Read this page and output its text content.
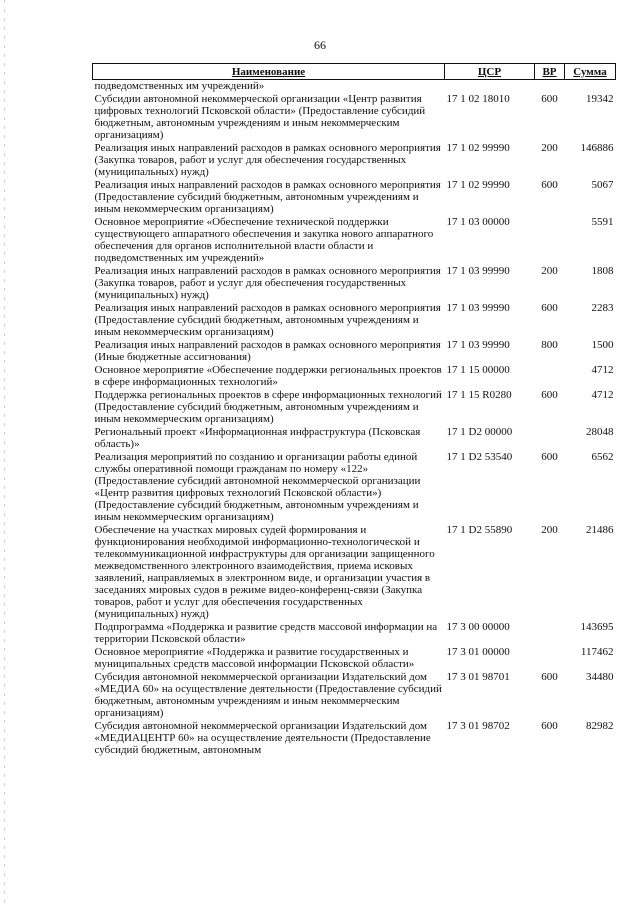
66
Наименование	ЦСР	ВР	Сумма
подведомственных им учреждений»			
Субсидии автономной некоммерческой организации «Центр развития цифровых технологий Псковской области» (Предоставление субсидий бюджетным, автономным учреждениям и иным некоммерческим организациям)	17 1 02 18010	600	19342
Реализация иных направлений расходов в рамках основного мероприятия (Закупка товаров, работ и услуг для обеспечения государственных (муниципальных) нужд)	17 1 02 99990	200	146886
Реализация иных направлений расходов в рамках основного мероприятия (Предоставление субсидий бюджетным, автономным учреждениям и иным некоммерческим организациям)	17 1 02 99990	600	5067
Основное мероприятие «Обеспечение технической поддержки существующего аппаратного обеспечения и закупка нового аппаратного обеспечения для органов исполнительной власти области и подведомственных им учреждений»	17 1 03 00000		5591
Реализация иных направлений расходов в рамках основного мероприятия (Закупка товаров, работ и услуг для обеспечения государственных (муниципальных) нужд)	17 1 03 99990	200	1808
Реализация иных направлений расходов в рамках основного мероприятия (Предоставление субсидий бюджетным, автономным учреждениям и иным некоммерческим организациям)	17 1 03 99990	600	2283
Реализация иных направлений расходов в рамках основного мероприятия (Иные бюджетные ассигнования)	17 1 03 99990	800	1500
Основное мероприятие «Обеспечение поддержки региональных проектов в сфере информационных технологий»	17 1 15 00000		4712
Поддержка региональных проектов в сфере информационных технологий (Предоставление субсидий бюджетным, автономным учреждениям и иным некоммерческим организациям)	17 1 15 R0280	600	4712
Региональный проект «Информационная инфраструктура (Псковская область)»	17 1 D2 00000		28048
Реализация мероприятий по созданию и организации работы единой службы оперативной помощи гражданам по номеру «122» (Предоставление субсидий автономной некоммерческой организации «Центр развития цифровых технологий Псковской области») (Предоставление субсидий бюджетным, автономным учреждениям и иным некоммерческим организациям)	17 1 D2 53540	600	6562
Обеспечение на участках мировых судей формирования и функционирования необходимой информационно-технологической и телекоммуникационной инфраструктуры для организации защищенного межведомственного электронного взаимодействия, приема исковых заявлений, направляемых в электронном виде, и организации участия в заседаниях мировых судов в режиме видео-конференц-связи (Закупка товаров, работ и услуг для обеспечения государственных (муниципальных) нужд)	17 1 D2 55890	200	21486
Подпрограмма «Поддержка и развитие средств массовой информации на территории Псковской области»	17 3 00 00000		143695
Основное мероприятие «Поддержка и развитие государственных и муниципальных средств массовой информации Псковской области»	17 3 01 00000		117462
Субсидия автономной некоммерческой организации Издательский дом «МЕДИА 60» на осуществление деятельности (Предоставление субсидий бюджетным, автономным учреждениям и иным некоммерческим организациям)	17 3 01 98701	600	34480
Субсидия автономной некоммерческой организации Издательский дом «МЕДИАЦЕНТР 60» на осуществление деятельности (Предоставление субсидий бюджетным, автономным	17 3 01 98702	600	82982
